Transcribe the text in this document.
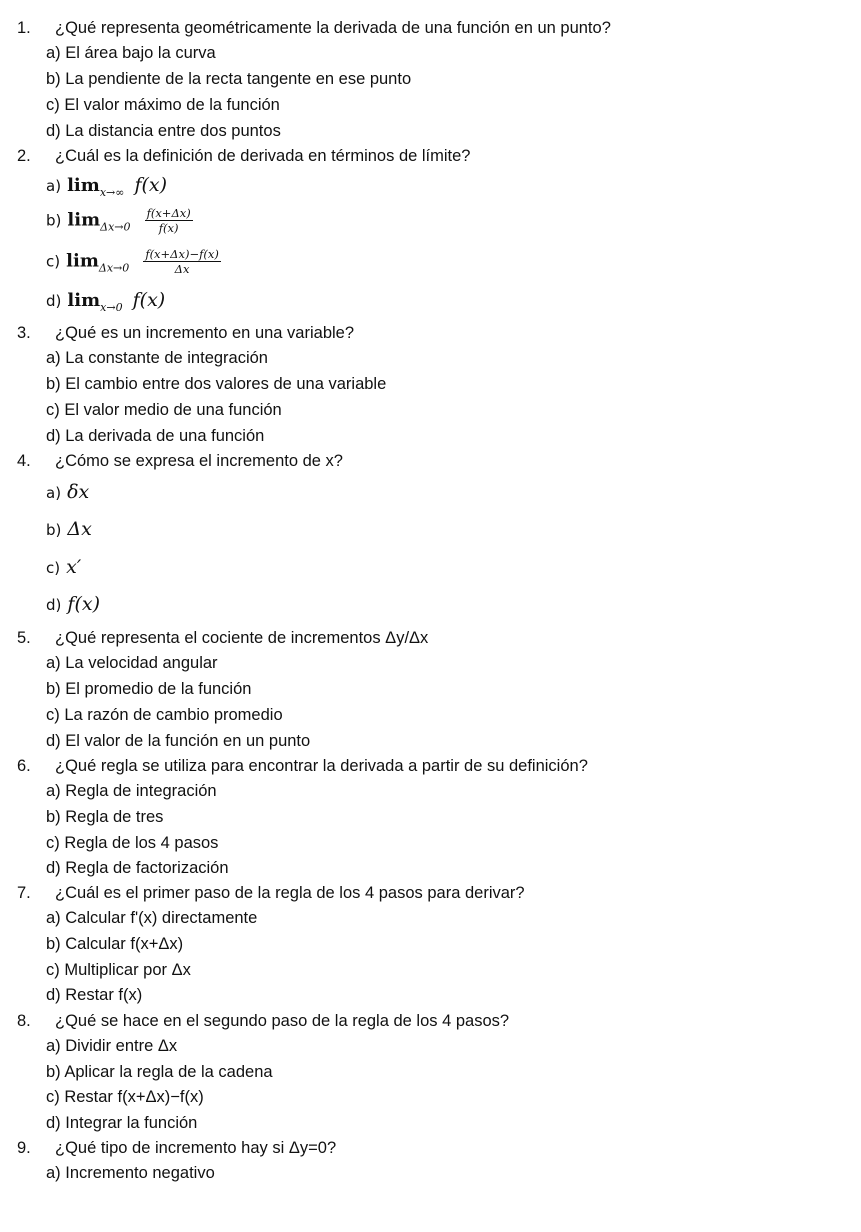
1. ¿Qué representa geométricamente la derivada de una función en un punto?
a) El área bajo la curva
b) La pendiente de la recta tangente en ese punto
c) El valor máximo de la función
d) La distancia entre dos puntos
2. ¿Cuál es la definición de derivada en términos de límite?
a) $\lim_{x\to\infty} f(x)$
b) $\lim_{\Delta x\to 0} \frac{f(x+\Delta x)}{f(x)}$
c) $\lim_{\Delta x\to 0} \frac{f(x+\Delta x)-f(x)}{\Delta x}$
d) $\lim_{x\to 0} f(x)$
3. ¿Qué es un incremento en una variable?
a) La constante de integración
b) El cambio entre dos valores de una variable
c) El valor medio de una función
d) La derivada de una función
4. ¿Cómo se expresa el incremento de x?
a) δx
b) Δx
c) x′
d) f(x)
5. ¿Qué representa el cociente de incrementos Δy/Δx
a) La velocidad angular
b) El promedio de la función
c) La razón de cambio promedio
d) El valor de la función en un punto
6. ¿Qué regla se utiliza para encontrar la derivada a partir de su definición?
a) Regla de integración
b) Regla de tres
c) Regla de los 4 pasos
d) Regla de factorización
7. ¿Cuál es el primer paso de la regla de los 4 pasos para derivar?
a) Calcular f'(x) directamente
b) Calcular f(x+Δx)
c) Multiplicar por Δx
d) Restar f(x)
8. ¿Qué se hace en el segundo paso de la regla de los 4 pasos?
a) Dividir entre Δx
b) Aplicar la regla de la cadena
c) Restar f(x+Δx)−f(x)
d) Integrar la función
9. ¿Qué tipo de incremento hay si Δy=0?
a) Incremento negativo
